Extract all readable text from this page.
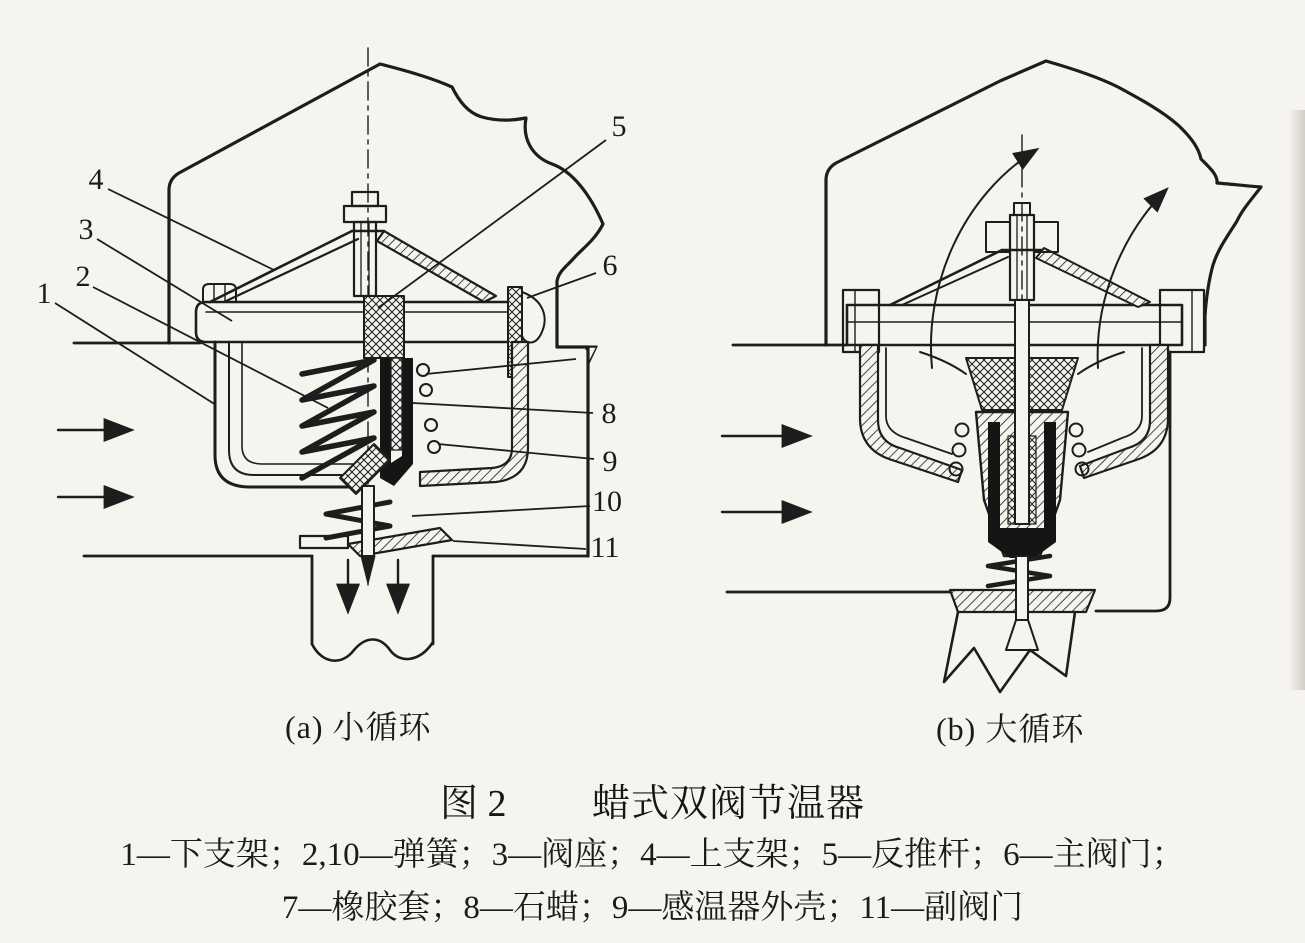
1
2
3
4
5
6
7
8
9
10
11
(a) 小循环	(b) 大循环
图 2 蜡式双阀节温器
1—下支架；2,10—弹簧；3—阀座；4—上支架；5—反推杆；6—主阀门；
7—橡胶套；8—石蜡；9—感温器外壳；11—副阀门
